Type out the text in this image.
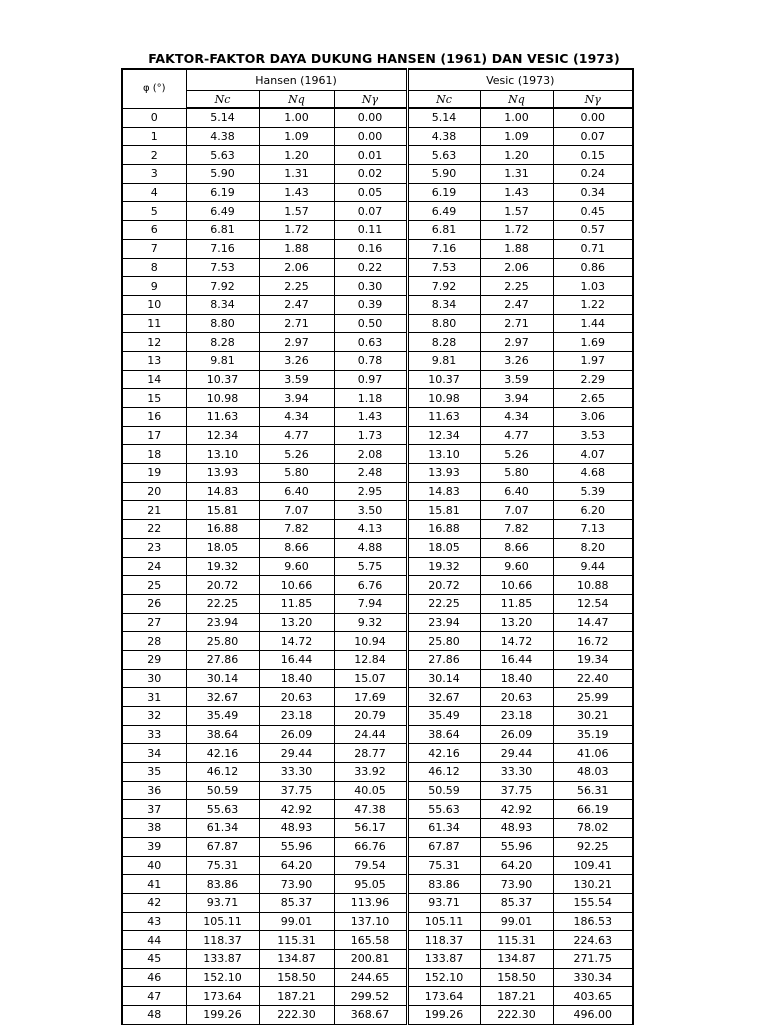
FAKTOR-FAKTOR DAYA DUKUNG HANSEN (1961) DAN VESIC (1973)
φ (°)	Hansen (1961)			Vesic (1973)		
	Nc	Nq	Nγ	Nc	Nq	Nγ
0	5.14	1.00	0.00	5.14	1.00	0.00
1	4.38	1.09	0.00	4.38	1.09	0.07
2	5.63	1.20	0.01	5.63	1.20	0.15
3	5.90	1.31	0.02	5.90	1.31	0.24
4	6.19	1.43	0.05	6.19	1.43	0.34
5	6.49	1.57	0.07	6.49	1.57	0.45
6	6.81	1.72	0.11	6.81	1.72	0.57
7	7.16	1.88	0.16	7.16	1.88	0.71
8	7.53	2.06	0.22	7.53	2.06	0.86
9	7.92	2.25	0.30	7.92	2.25	1.03
10	8.34	2.47	0.39	8.34	2.47	1.22
11	8.80	2.71	0.50	8.80	2.71	1.44
12	8.28	2.97	0.63	8.28	2.97	1.69
13	9.81	3.26	0.78	9.81	3.26	1.97
14	10.37	3.59	0.97	10.37	3.59	2.29
15	10.98	3.94	1.18	10.98	3.94	2.65
16	11.63	4.34	1.43	11.63	4.34	3.06
17	12.34	4.77	1.73	12.34	4.77	3.53
18	13.10	5.26	2.08	13.10	5.26	4.07
19	13.93	5.80	2.48	13.93	5.80	4.68
20	14.83	6.40	2.95	14.83	6.40	5.39
21	15.81	7.07	3.50	15.81	7.07	6.20
22	16.88	7.82	4.13	16.88	7.82	7.13
23	18.05	8.66	4.88	18.05	8.66	8.20
24	19.32	9.60	5.75	19.32	9.60	9.44
25	20.72	10.66	6.76	20.72	10.66	10.88
26	22.25	11.85	7.94	22.25	11.85	12.54
27	23.94	13.20	9.32	23.94	13.20	14.47
28	25.80	14.72	10.94	25.80	14.72	16.72
29	27.86	16.44	12.84	27.86	16.44	19.34
30	30.14	18.40	15.07	30.14	18.40	22.40
31	32.67	20.63	17.69	32.67	20.63	25.99
32	35.49	23.18	20.79	35.49	23.18	30.21
33	38.64	26.09	24.44	38.64	26.09	35.19
34	42.16	29.44	28.77	42.16	29.44	41.06
35	46.12	33.30	33.92	46.12	33.30	48.03
36	50.59	37.75	40.05	50.59	37.75	56.31
37	55.63	42.92	47.38	55.63	42.92	66.19
38	61.34	48.93	56.17	61.34	48.93	78.02
39	67.87	55.96	66.76	67.87	55.96	92.25
40	75.31	64.20	79.54	75.31	64.20	109.41
41	83.86	73.90	95.05	83.86	73.90	130.21
42	93.71	85.37	113.96	93.71	85.37	155.54
43	105.11	99.01	137.10	105.11	99.01	186.53
44	118.37	115.31	165.58	118.37	115.31	224.63
45	133.87	134.87	200.81	133.87	134.87	271.75
46	152.10	158.50	244.65	152.10	158.50	330.34
47	173.64	187.21	299.52	173.64	187.21	403.65
48	199.26	222.30	368.67	199.26	222.30	496.00
